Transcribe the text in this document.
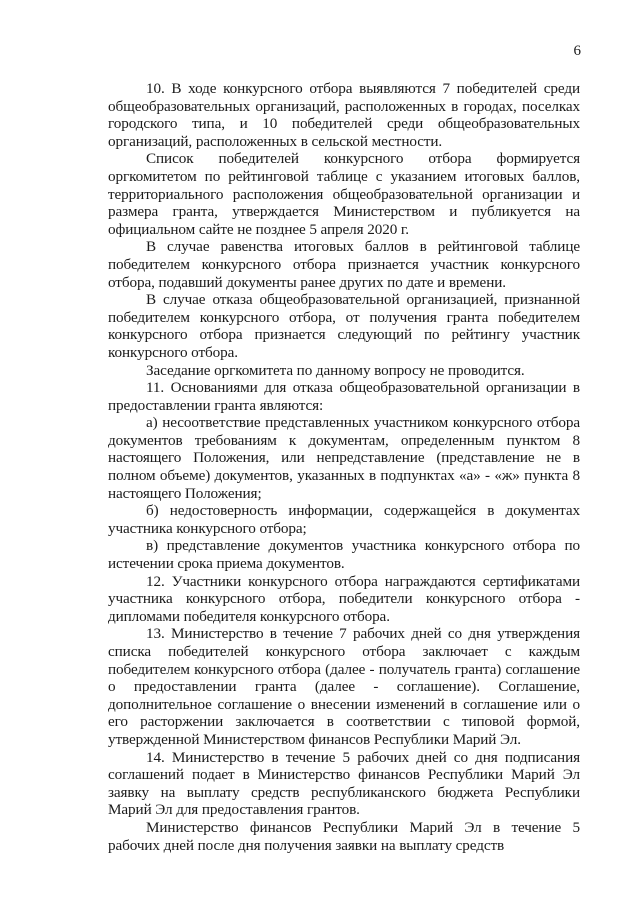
6

10. В ходе конкурсного отбора выявляются 7 победителей среди общеобразовательных организаций, расположенных в городах, поселках городского типа, и 10 победителей среди общеобразовательных организаций, расположенных в сельской местности.

Список победителей конкурсного отбора формируется оргкомитетом по рейтинговой таблице с указанием итоговых баллов, территориального расположения общеобразовательной организации и размера гранта, утверждается Министерством и публикуется на официальном сайте не позднее 5 апреля 2020 г.

В случае равенства итоговых баллов в рейтинговой таблице победителем конкурсного отбора признается участник конкурсного отбора, подавший документы ранее других по дате и времени.

В случае отказа общеобразовательной организацией, признанной победителем конкурсного отбора, от получения гранта победителем конкурсного отбора признается следующий по рейтингу участник конкурсного отбора.

Заседание оргкомитета по данному вопросу не проводится.

11. Основаниями для отказа общеобразовательной организации в предоставлении гранта являются:

а) несоответствие представленных участником конкурсного отбора документов требованиям к документам, определенным пунктом 8 настоящего Положения, или непредставление (представление не в полном объеме) документов, указанных в подпунктах «а» - «ж» пункта 8 настоящего Положения;

б) недостоверность информации, содержащейся в документах участника конкурсного отбора;

в) представление документов участника конкурсного отбора по истечении срока приема документов.

12. Участники конкурсного отбора награждаются сертификатами участника конкурсного отбора, победители конкурсного отбора - дипломами победителя конкурсного отбора.

13. Министерство в течение 7 рабочих дней со дня утверждения списка победителей конкурсного отбора заключает с каждым победителем конкурсного отбора (далее - получатель гранта) соглашение о предоставлении гранта (далее - соглашение). Соглашение, дополнительное соглашение о внесении изменений в соглашение или о его расторжении заключается в соответствии с типовой формой, утвержденной Министерством финансов Республики Марий Эл.

14. Министерство в течение 5 рабочих дней со дня подписания соглашений подает в Министерство финансов Республики Марий Эл заявку на выплату средств республиканского бюджета Республики Марий Эл для предоставления грантов.

Министерство финансов Республики Марий Эл в течение 5 рабочих дней после дня получения заявки на выплату средств
